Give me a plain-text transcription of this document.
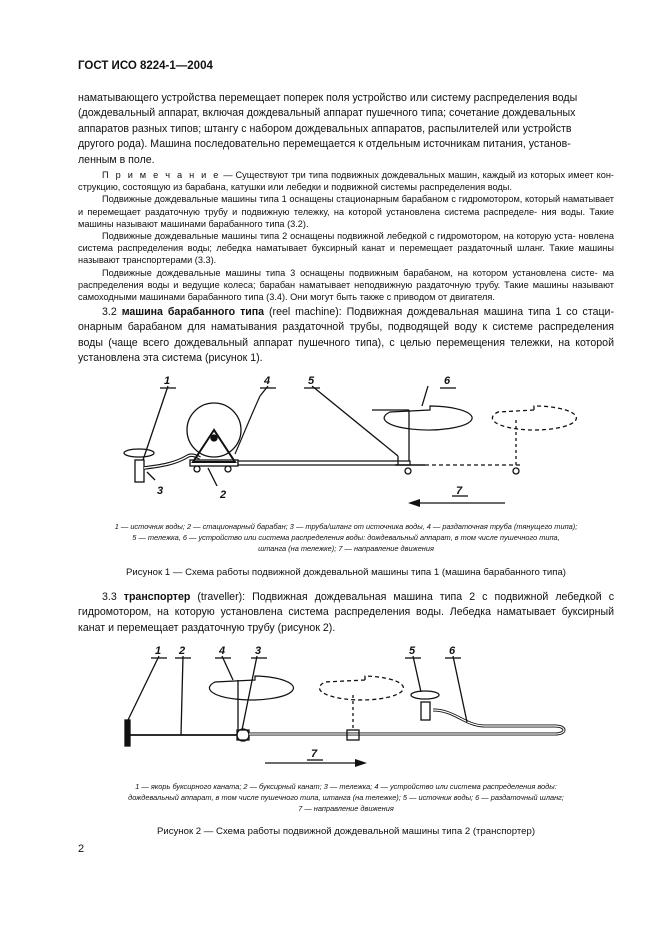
ГОСТ ИСО 8224-1—2004
наматывающего устройства перемещает поперек поля устройство или систему распределения воды
(дождевальный аппарат, включая дождевальный аппарат пушечного типа; сочетание дождевальных
аппаратов разных типов; штангу с набором дождевальных аппаратов, распылителей или устройств
другого рода). Машина последовательно перемещается к отдельным источникам питания, установ-
ленным в поле.
П р и м е ч а н и е — Существуют три типа подвижных дождевальных машин, каждый из которых имеет кон- струкцию, состоящую из барабана, катушки или лебедки и подвижной системы распределения воды.
Подвижные дождевальные машины типа 1 оснащены стационарным барабаном с гидромотором, который наматывает и перемещает раздаточную трубу и подвижную тележку, на которой установлена система распределе- ния воды. Такие машины называют машинами барабанного типа (3.2).
Подвижные дождевальные машины типа 2 оснащены подвижной лебедкой с гидромотором, на которую уста- новлена система распределения воды; лебедка наматывает буксирный канат и перемещает раздаточный шланг. Такие машины называют транспортерами (3.3).
Подвижные дождевальные машины типа 3 оснащены подвижным барабаном, на котором установлена систе- ма распределения воды и ведущие колеса; барабан наматывает неподвижную раздаточную трубу. Такие машины называют самоходными машинами барабанного типа (3.4). Они могут быть также с приводом от двигателя.
3.2 машина барабанного типа (reel machine): Подвижная дождевальная машина типа 1 со стаци- онарным барабаном для наматывания раздаточной трубы, подводящей воду к системе распределения воды (чаще всего дождевальный аппарат пушечного типа), с целью перемещения тележки, на которой установлена эта система (рисунок 1).
1
2
3
4	5	6
7
1 — источник воды; 2 — стационарный барабан; 3 — труба/шланг от источника воды, 4 — раздаточная труба (тянущего типа);
5 — тележка, 6 — устройство или система распределения воды: дождевальный аппарат, в том числе пушечного типа,
штанга (на тележке); 7 — направление движения
Рисунок 1 — Схема работы подвижной дождевальной машины типа 1 (машина барабанного типа)
3.3 транспортер (traveller): Подвижная дождевальная машина типа 2 с подвижной лебедкой с гидромотором, на которую установлена система распределения воды. Лебедка наматывает буксирный канат и перемещает раздаточную трубу (рисунок 2).
1 2	3
4	5	6
7
1 — якорь буксирного каната; 2 — буксирный канат; 3 — тележка; 4 — устройство или система распределения воды:
дождевальный аппарат, в том числе пушечного типа, штанга (на тележке); 5 — источник воды; 6 — раздаточный шланг;
7 — направление движения
Рисунок 2 — Схема работы подвижной дождевальной машины типа 2 (транспортер)
2
